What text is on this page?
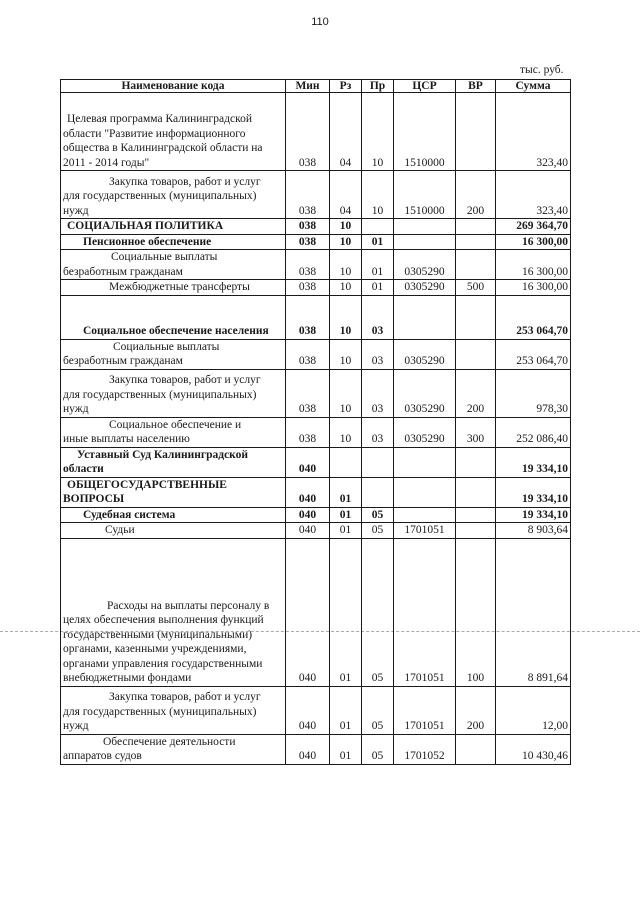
110
тыс. руб.
Наименование кода	Мин	Рз	Пр	ЦСР	ВР	Сумма

Целевая программа Калининградской области "Развитие информационного общества в Калининградской области на 2011 - 2014 годы"	038	04	10	1510000		323,40

Закупка товаров, работ и услуг для государственных (муниципальных) нужд	038	04	10	1510000	200	323,40

СОЦИАЛЬНАЯ ПОЛИТИКА	038	10				269 364,70

Пенсионное обеспечение	038	10	01			16 300,00

Социальные выплаты безработным гражданам	038	10	01	0305290		16 300,00

Межбюджетные трансферты	038	10	01	0305290	500	16 300,00

Социальное обеспечение населения	038	10	03			253 064,70

Социальные выплаты безработным гражданам	038	10	03	0305290		253 064,70

Закупка товаров, работ и услуг для государственных (муниципальных) нужд	038	10	03	0305290	200	978,30

Социальное обеспечение и иные выплаты населению	038	10	03	0305290	300	252 086,40

Уставный Суд Калининградской области	040					19 334,10

ОБЩЕГОСУДАРСТВЕННЫЕ ВОПРОСЫ	040	01				19 334,10

Судебная система	040	01	05			19 334,10

Судьи	040	01	05	1701051		8 903,64

Расходы на выплаты персоналу в целях обеспечения выполнения функций государственными (муниципальными) органами, казенными учреждениями, органами управления государственными внебюджетными фондами	040	01	05	1701051	100	8 891,64

Закупка товаров, работ и услуг для государственных (муниципальных) нужд	040	01	05	1701051	200	12,00

Обеспечение деятельности аппаратов судов	040	01	05	1701052		10 430,46
